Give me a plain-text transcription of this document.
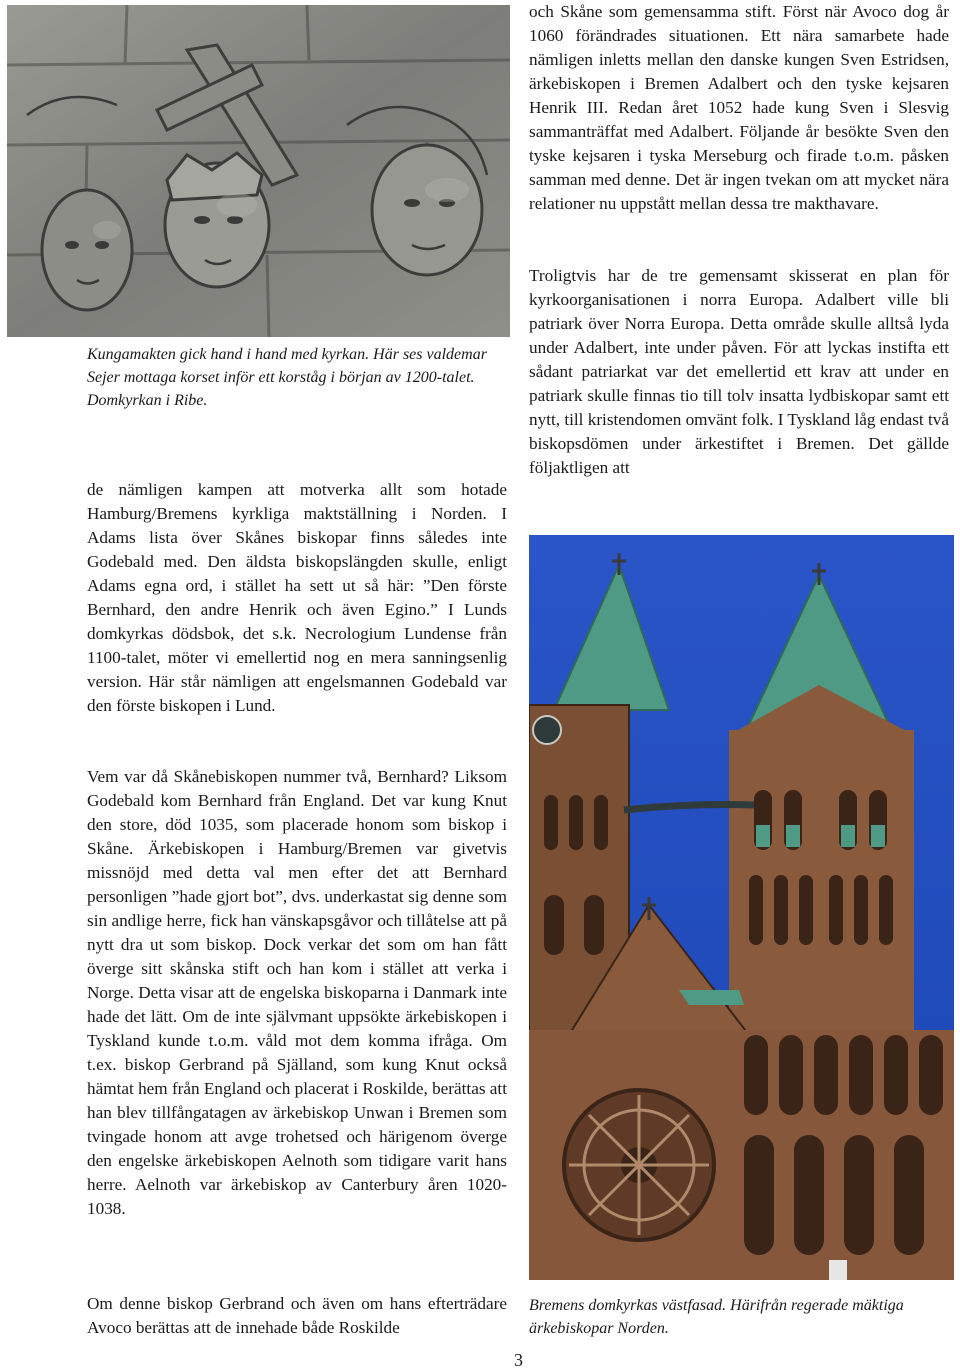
Kungamakten gick hand i hand med kyrkan. Här ses valdemar Sejer mottaga korset inför ett korståg i början av 1200-talet. Domkyrkan i Ribe.

de nämligen kampen att motverka allt som hotade Hamburg/Bremens kyrkliga maktställning i Norden. I Adams lista över Skånes biskopar finns således inte Godebald med. Den äldsta biskopslängden skulle, enligt Adams egna ord, i stället ha sett ut så här: ”Den förste Bernhard, den andre Henrik och även Egino.” I Lunds domkyrkas dödsbok, det s.k. Necrologium Lundense från 1100-talet, möter vi emellertid nog en mera sanningsenlig version. Här står nämligen att engelsmannen Godebald var den förste biskopen i Lund.

Vem var då Skånebiskopen nummer två, Bernhard? Liksom Godebald kom Bernhard från England. Det var kung Knut den store, död 1035, som placerade honom som biskop i Skåne. Ärkebiskopen i Hamburg/Bremen var givetvis missnöjd med detta val men efter det att Bernhard personligen ”hade gjort bot”, dvs. underkastat sig denne som sin andlige herre, fick han vänskapsgåvor och tillåtelse att på nytt dra ut som biskop. Dock verkar det som om han fått överge sitt skånska stift och han kom i stället att verka i Norge. Detta visar att de engelska biskoparna i Danmark inte hade det lätt. Om de inte självmant uppsökte ärkebiskopen i Tyskland kunde t.o.m. våld mot dem komma ifråga. Om t.ex. biskop Gerbrand på Själland, som kung Knut också hämtat hem från England och placerat i Roskilde, berättas att han blev tillfångatagen av ärkebiskop Unwan i Bremen som tvingade honom att avge trohetsed och härigenom överge den engelske ärkebiskopen Aelnoth som tidigare varit hans herre. Aelnoth var ärkebiskop av Canterbury åren 1020-1038.

Om denne biskop Gerbrand och även om hans efterträdare Avoco berättas att de innehade både Roskilde

och Skåne som gemensamma stift. Först när Avoco dog år 1060 förändrades situationen. Ett nära samarbete hade nämligen inletts mellan den danske kungen Sven Estridsen, ärkebiskopen i Bremen Adalbert och den tyske kejsaren Henrik III. Redan året 1052 hade kung Sven i Slesvig sammanträffat med Adalbert. Följande år besökte Sven den tyske kejsaren i tyska Merseburg och firade t.o.m. påsken samman med denne. Det är ingen tvekan om att mycket nära relationer nu uppstått mellan dessa tre makthavare.

Troligtvis har de tre gemensamt skisserat en plan för kyrkoorganisationen i norra Europa. Adalbert ville bli patriark över Norra Europa. Detta område skulle alltså lyda under Adalbert, inte under påven. För att lyckas instifta ett sådant patriarkat var det emellertid ett krav att under en patriark skulle finnas tio till tolv insatta lydbiskopar samt ett nytt, till kristendomen omvänt folk. I Tyskland låg endast två biskopsdömen under ärkestiftet i Bremen. Det gällde följaktligen att

Bremens domkyrkas västfasad. Härifrån regerade mäktiga ärkebiskopar Norden.
3
